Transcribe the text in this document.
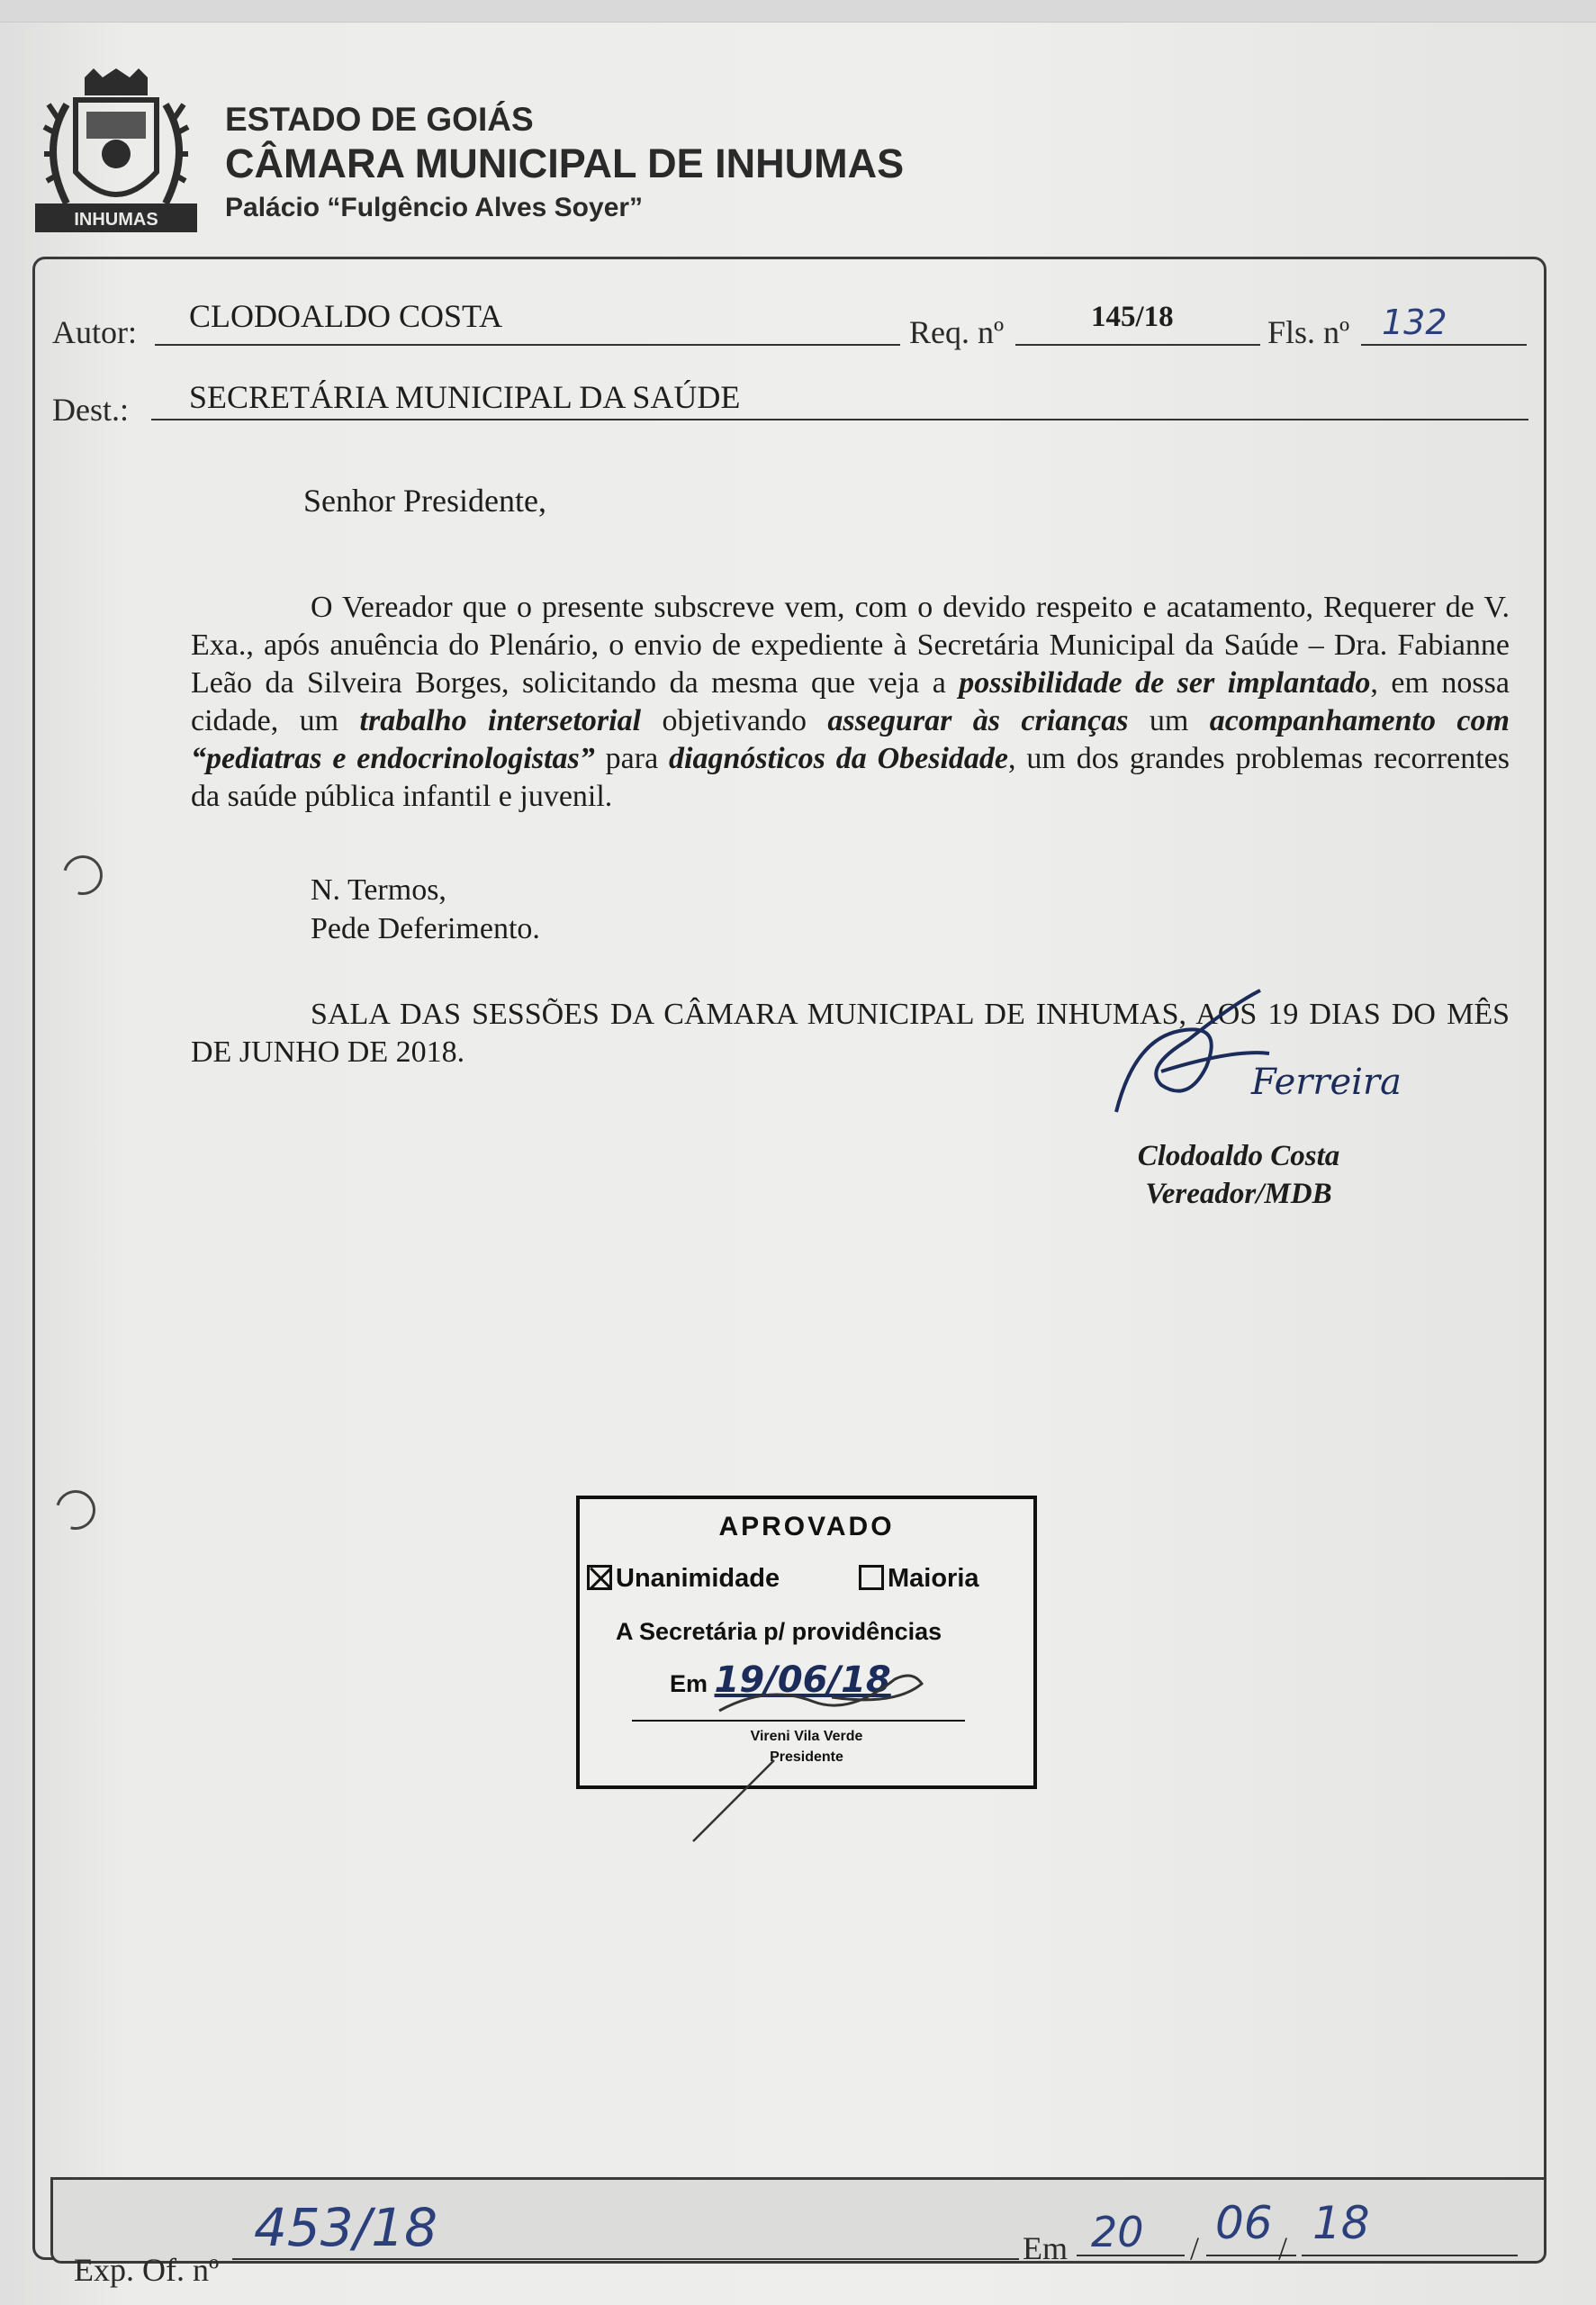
INHUMAS
ESTADO DE GOIÁS
CÂMARA MUNICIPAL DE INHUMAS
Palácio “Fulgêncio Alves Soyer”
Autor: CLODOALDO COSTA	Req. nº	145/18	Fls. nº 132
Dest.: SECRETÁRIA MUNICIPAL DA SAÚDE
Senhor Presidente,
O Vereador que o presente subscreve vem, com o devido respeito e acatamento, Requerer de V. Exa., após anuência do Plenário, o envio de expediente à Secretária Municipal da Saúde – Dra. Fabianne Leão da Silveira Borges, solicitando da mesma que veja a possibilidade de ser implantado, em nossa cidade, um trabalho intersetorial objetivando assegurar às crianças um acompanhamento com “pediatras e endocrinologistas” para diagnósticos da Obesidade, um dos grandes problemas recorrentes da saúde pública infantil e juvenil.
N. Termos,
Pede Deferimento.
SALA DAS SESSÕES DA CÂMARA MUNICIPAL DE INHUMAS, AOS 19 DIAS DO MÊS DE JUNHO DE 2018.
Ferreira
Clodoaldo Costa
Vereador/MDB
APROVADO
Unanimidade	Maioria
A Secretária p/ providências
Em 19/06/18
Vireni Vila Verde
Presidente
Exp. Of. nº
453/18	Em 20 / 06 / 18
